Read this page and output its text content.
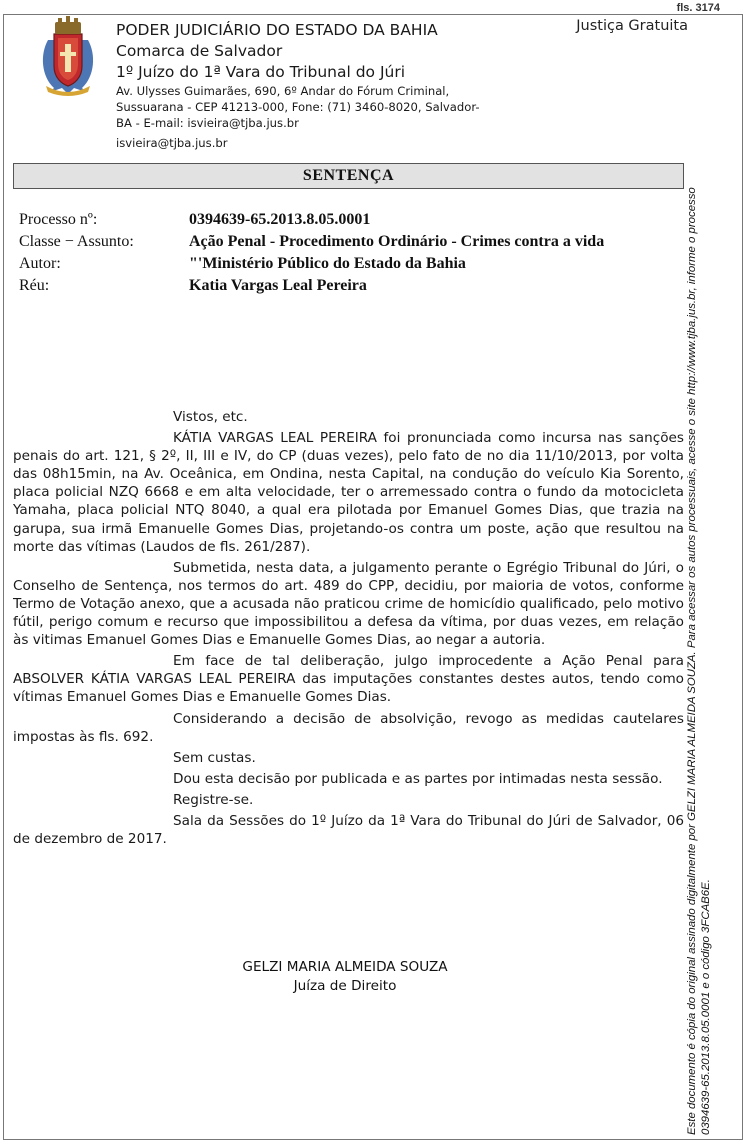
fls. 3174
PODER JUDICIÁRIO DO ESTADO DA BAHIA
Comarca de Salvador
1º Juízo do 1ª Vara do Tribunal do Júri
Av. Ulysses Guimarães, 690, 6º Andar do Fórum Criminal,
Sussuarana - CEP 41213-000, Fone: (71) 3460-8020, Salvador-
BA - E-mail: isvieira@tjba.jus.br
isvieira@tjba.jus.br
Justiça Gratuita
SENTENÇA
Processo nº:	0394639-65.2013.8.05.0001
Classe − Assunto:	Ação Penal - Procedimento Ordinário - Crimes contra a vida
Autor:	"'Ministério Público do Estado da Bahia
Réu:	Katia Vargas Leal Pereira

Vistos, etc.

KÁTIA VARGAS LEAL PEREIRA foi pronunciada como incursa nas sanções penais do art. 121, § 2º, II, III e IV, do CP (duas vezes), pelo fato de no dia 11/10/2013, por volta das 08h15min, na Av. Oceânica, em Ondina, nesta Capital, na condução do veículo Kia Sorento, placa policial NZQ 6668 e em alta velocidade, ter o arremessado contra o fundo da motocicleta Yamaha, placa policial NTQ 8040, a qual era pilotada por Emanuel Gomes Dias, que trazia na garupa, sua irmã Emanuelle Gomes Dias, projetando-os contra um poste, ação que resultou na morte das vítimas (Laudos de fls. 261/287).

Submetida, nesta data, a julgamento perante o Egrégio Tribunal do Júri, o Conselho de Sentença, nos termos do art. 489 do CPP, decidiu, por maioria de votos, conforme Termo de Votação anexo, que a acusada não praticou crime de homicídio qualificado, pelo motivo fútil, perigo comum e recurso que impossibilitou a defesa da vítima, por duas vezes, em relação às vitimas Emanuel Gomes Dias e Emanuelle Gomes Dias, ao negar a autoria.

Em face de tal deliberação, julgo improcedente a Ação Penal para ABSOLVER KÁTIA VARGAS LEAL PEREIRA das imputações constantes destes autos, tendo como vítimas Emanuel Gomes Dias e Emanuelle Gomes Dias.

Considerando a decisão de absolvição, revogo as medidas cautelares impostas às fls. 692.

Sem custas.

Dou esta decisão por publicada e as partes por intimadas nesta sessão.

Registre-se.

Sala da Sessões do 1º Juízo da 1ª Vara do Tribunal do Júri de Salvador, 06 de dezembro de 2017.

GELZI MARIA ALMEIDA SOUZA
Juíza de Direito	Este documento é cópia do original assinado digitalmente por GELZI MARIA ALMEIDA SOUZA. Para acessar os autos processuais, acesse o site http://www.tjba.jus.br, informe o processo 0394639-65.2013.8.05.0001 e o código 3FCAB6E.
